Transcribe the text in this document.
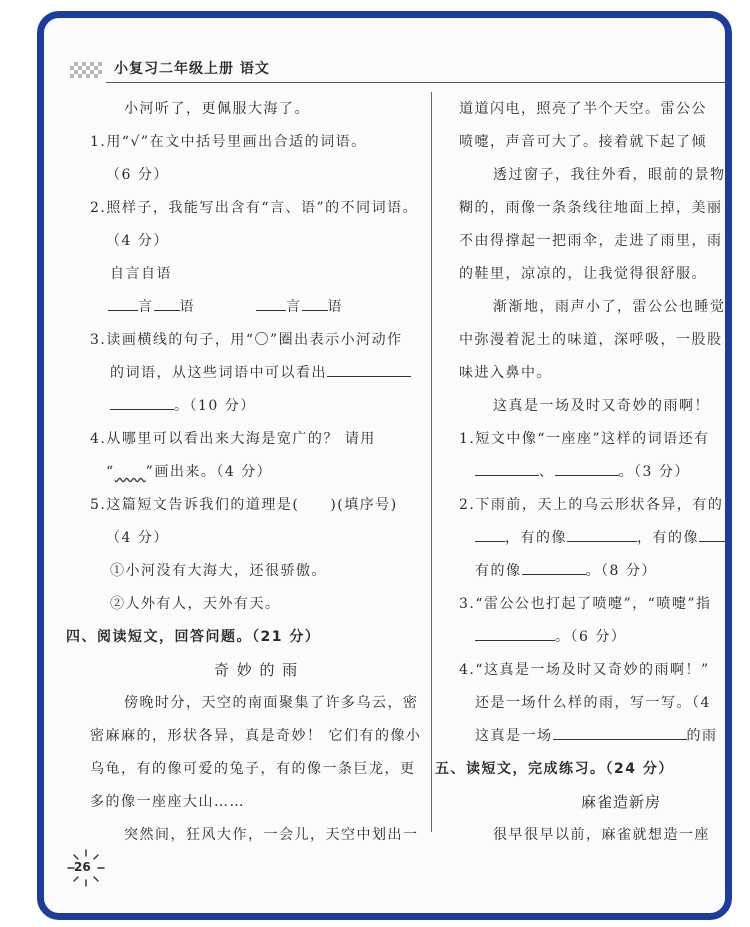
小复习二年级上册 语文
小河听了，更佩服大海了。
1.用“√”在文中括号里画出合适的词语。
（6 分）
2.照样子，我能写出含有“言、语”的不同词语。
（4 分）
自言自语
言 语	言 语
3.读画横线的句子，用“〇”圈出表示小河动作
的词语，从这些词语中可以看出
。（10 分）
4.从哪里可以看出来大海是宽广的？ 请用
“   ”画出来。（4 分）
5.这篇短文告诉我们的道理是(　　)(填序号)
（4 分）
①小河没有大海大，还很骄傲。
②人外有人，天外有天。
四、阅读短文，回答问题。（21 分）
奇 妙 的 雨
傍晚时分，天空的南面聚集了许多乌云，密
密麻麻的，形状各异，真是奇妙！ 它们有的像小
乌龟，有的像可爱的兔子，有的像一条巨龙，更
多的像一座座大山……
突然间，狂风大作，一会儿，天空中划出一
道道闪电，照亮了半个天空。雷公公
喷嚏，声音可大了。接着就下起了倾
透过窗子，我往外看，眼前的景物
糊的，雨像一条条线往地面上掉，美丽
不由得撑起一把雨伞，走进了雨里，雨
的鞋里，凉凉的，让我觉得很舒服。
渐渐地，雨声小了，雷公公也睡觉
中弥漫着泥土的味道，深呼吸，一股股
味进入鼻中。
这真是一场及时又奇妙的雨啊！
1.短文中像“一座座”这样的词语还有
、	。（3 分）
2.下雨前，天上的乌云形状各异，有的
，有的像	，有的像
有的像	。（8 分）
3.“雷公公也打起了喷嚏”，“喷嚏”指
。（6 分）
4.“这真是一场及时又奇妙的雨啊！”
还是一场什么样的雨，写一写。（4
这真是一场	的雨
五、读短文，完成练习。（24 分）
麻雀造新房
很早很早以前，麻雀就想造一座
26
